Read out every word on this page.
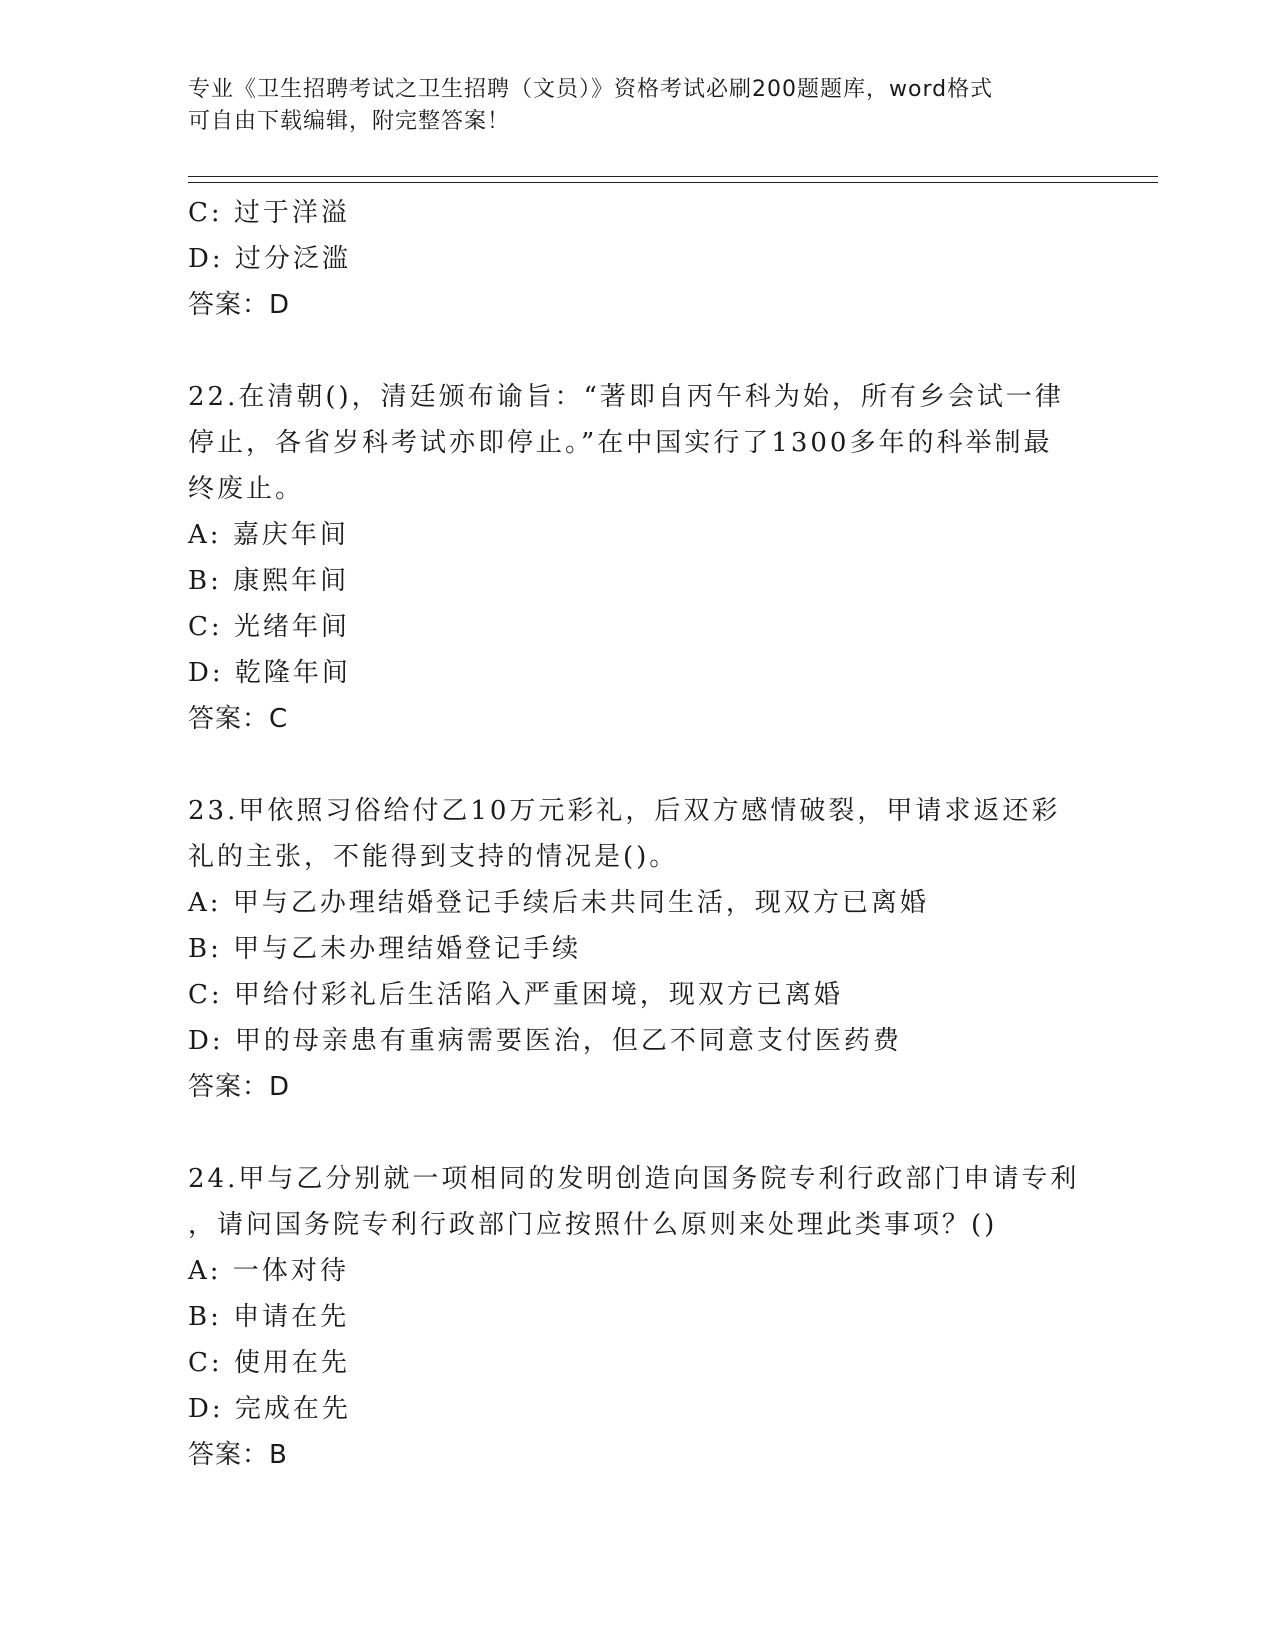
专业《卫生招聘考试之卫生招聘（文员）》资格考试必刷200题题库，word格式
可自由下载编辑，附完整答案！
C: 过于洋溢
D: 过分泛滥
答案：D
22.在清朝()，清廷颁布谕旨：“著即自丙午科为始，所有乡会试一律
停止，各省岁科考试亦即停止。”在中国实行了1300多年的科举制最
终废止。
A: 嘉庆年间
B: 康熙年间
C: 光绪年间
D: 乾隆年间
答案：C
23.甲依照习俗给付乙10万元彩礼，后双方感情破裂，甲请求返还彩
礼的主张，不能得到支持的情况是()。
A: 甲与乙办理结婚登记手续后未共同生活，现双方已离婚
B: 甲与乙未办理结婚登记手续
C: 甲给付彩礼后生活陷入严重困境，现双方已离婚
D: 甲的母亲患有重病需要医治，但乙不同意支付医药费
答案：D
24.甲与乙分别就一项相同的发明创造向国务院专利行政部门申请专利
，请问国务院专利行政部门应按照什么原则来处理此类事项？()
A: 一体对待
B: 申请在先
C: 使用在先
D: 完成在先
答案：B
